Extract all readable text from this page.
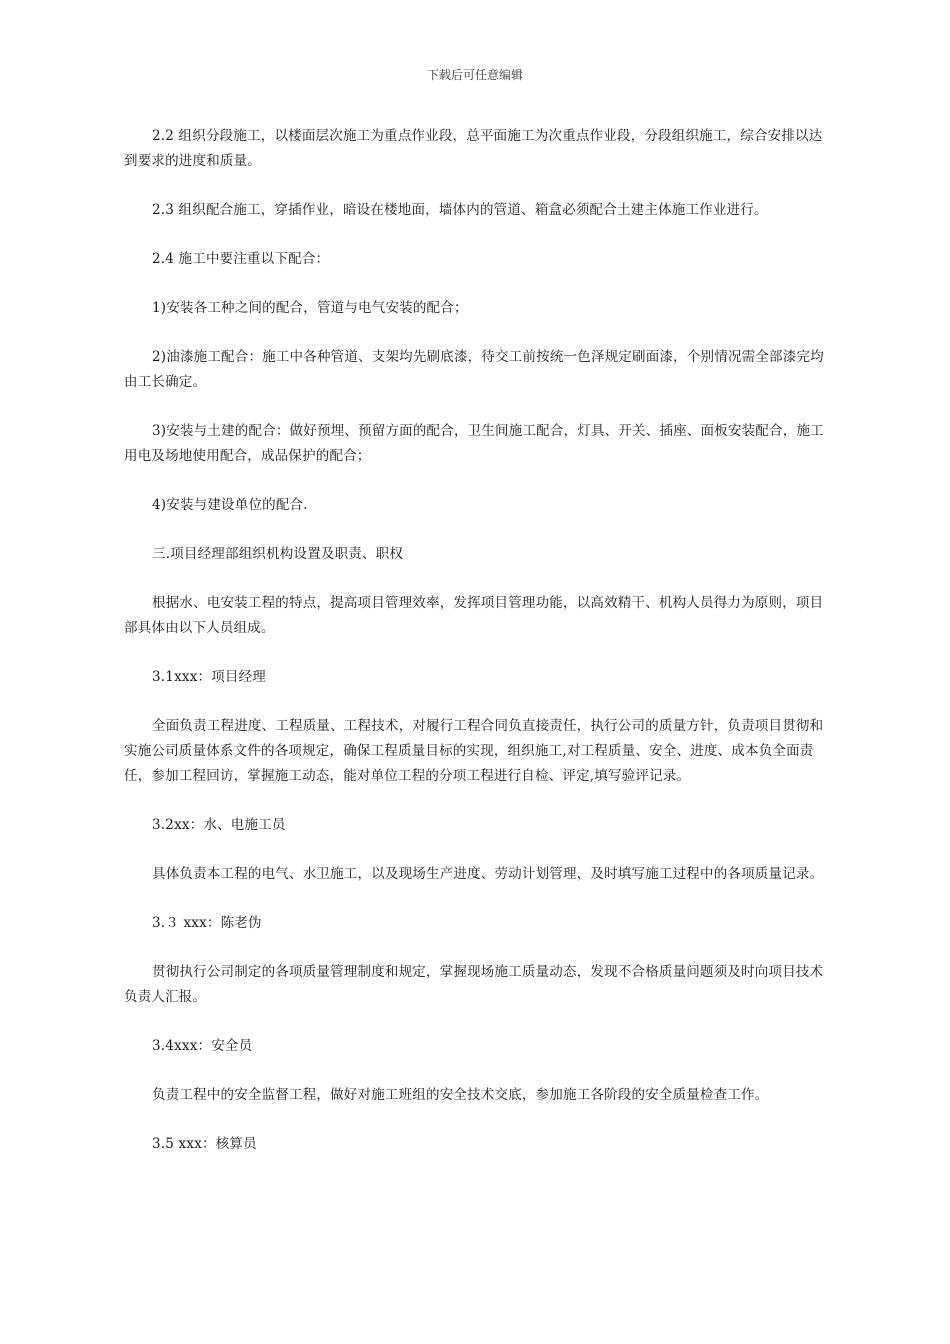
下载后可任意编辑

2.2 组织分段施工，以楼面层次施工为重点作业段，总平面施工为次重点作业段，分段组织施工，综合安排以达到要求的进度和质量。

2.3 组织配合施工，穿插作业，暗设在楼地面，墙体内的管道、箱盒必须配合土建主体施工作业进行。

2.4 施工中要注重以下配合：

1)安装各工种之间的配合，管道与电气安装的配合；

2)油漆施工配合：施工中各种管道、支架均先刷底漆，待交工前按统一色泽规定刷面漆，个别情况需全部漆完均由工长确定。

3)安装与土建的配合：做好预埋、预留方面的配合，卫生间施工配合，灯具、开关、插座、面板安装配合，施工用电及场地使用配合，成品保护的配合；

4)安装与建设单位的配合.

三.项目经理部组织机构设置及职责、职权

根据水、电安装工程的特点，提高项目管理效率，发挥项目管理功能，以高效精干、机构人员得力为原则，项目部具体由以下人员组成。

3.1xxx：项目经理

全面负责工程进度、工程质量、工程技术，对履行工程合同负直接责任，执行公司的质量方针，负责项目贯彻和实施公司质量体系文件的各项规定，确保工程质量目标的实现，组织施工,对工程质量、安全、进度、成本负全面责任，参加工程回访，掌握施工动态，能对单位工程的分项工程进行自检、评定,填写验评记录。

3.2xx：水、电施工员

具体负责本工程的电气、水卫施工，以及现场生产进度、劳动计划管理，及时填写施工过程中的各项质量记录。

3.３ xxx：陈老伪

贯彻执行公司制定的各项质量管理制度和规定，掌握现场施工质量动态，发现不合格质量问题须及时向项目技术负责人汇报。

3.4xxx：安全员

负责工程中的安全监督工程，做好对施工班组的安全技术交底，参加施工各阶段的安全质量检查工作。

3.5 xxx：核算员
